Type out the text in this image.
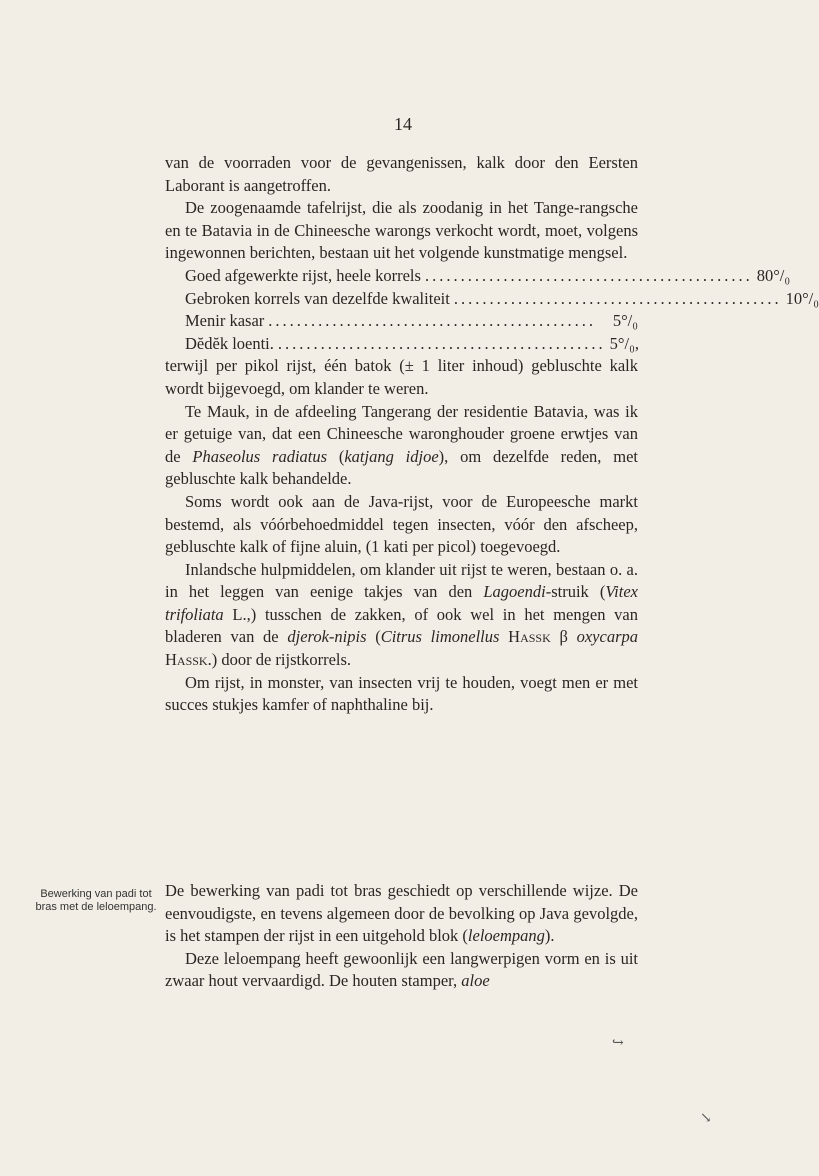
14

van de voorraden voor de gevangenissen, kalk door den Eersten Laborant is aangetroffen.

De zoogenaamde tafelrijst, die als zoodanig in het Tange-rangsche en te Batavia in de Chineesche warongs verkocht wordt, moet, volgens ingewonnen berichten, bestaan uit het volgende kunstmatige mengsel.

Goed afgewerkte rijst, heele korrels .............................................. 80°/₀
Gebroken korrels van dezelfde kwaliteit .............................................. 10°/₀
Menir kasar ..............................................	5°/₀
Dĕdĕk loenti. .............................................. 5°/₀,

terwijl per pikol rijst, één batok (± 1 liter inhoud) gebluschte kalk wordt bijgevoegd, om klander te weren.

Te Mauk, in de afdeeling Tangerang der residentie Batavia, was ik er getuige van, dat een Chineesche waronghouder groene erwtjes van de Phaseolus radiatus (katjang idjoe), om dezelfde reden, met gebluschte kalk behandelde.

Soms wordt ook aan de Java-rijst, voor de Europeesche markt bestemd, als vóórbehoedmiddel tegen insecten, vóór den afscheep, gebluschte kalk of fijne aluin, (1 kati per picol) toegevoegd.

Inlandsche hulpmiddelen, om klander uit rijst te weren, bestaan o. a. in het leggen van eenige takjes van den Lagoendi-struik (Vitex trifoliata L.,) tusschen de zakken, of ook wel in het mengen van bladeren van de djerok-nipis (Citrus limonellus Hassk β oxycarpa Hassk.) door de rijstkorrels.

Om rijst, in monster, van insecten vrij te houden, voegt men er met succes stukjes kamfer of naphthaline bij.

Bewerking van padi tot bras met de leloempang.

De bewerking van padi tot bras geschiedt op verschillende wijze. De eenvoudigste, en tevens algemeen door de bevolking op Java gevolgde, is het stampen der rijst in een uitgehold blok (leloempang).

Deze leloempang heeft gewoonlijk een langwerpigen vorm en is uit zwaar hout vervaardigd. De houten stamper, aloe

↪
↘
